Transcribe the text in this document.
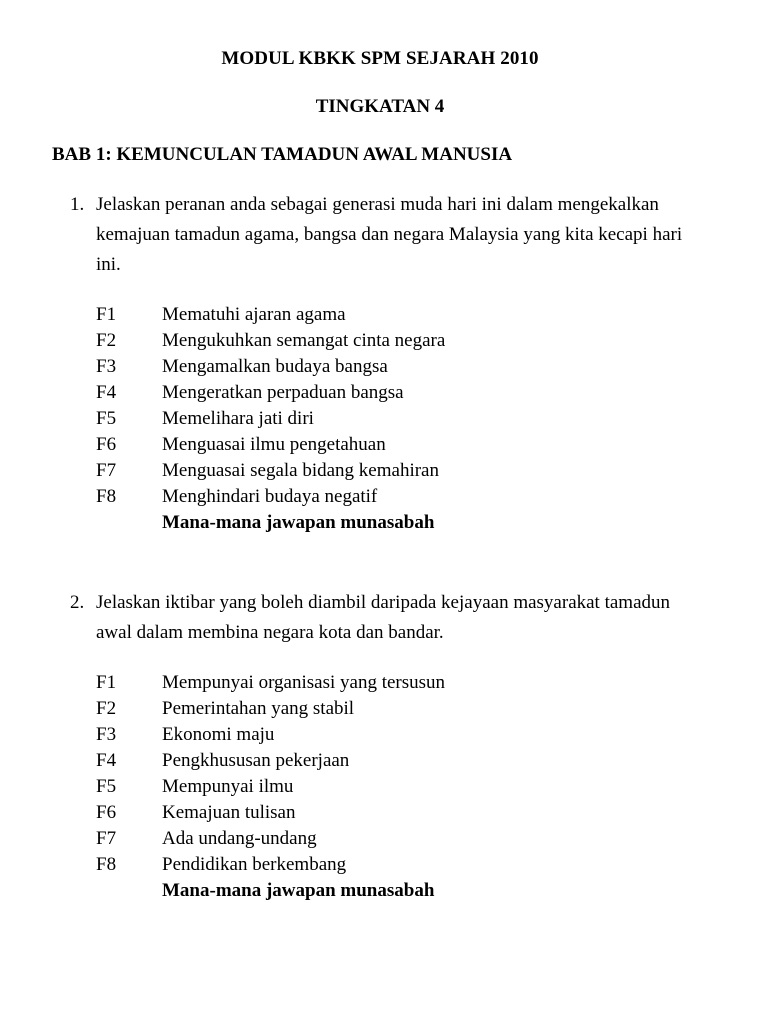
MODUL KBKK SPM SEJARAH 2010
TINGKATAN 4
BAB 1: KEMUNCULAN TAMADUN AWAL MANUSIA
1. Jelaskan peranan anda sebagai generasi muda hari ini dalam mengekalkan kemajuan tamadun agama, bangsa dan negara Malaysia yang kita kecapi hari ini.
F1	Mematuhi ajaran agama
F2	Mengukuhkan semangat cinta negara
F3	Mengamalkan budaya bangsa
F4	Mengeratkan perpaduan bangsa
F5	Memelihara jati diri
F6	Menguasai ilmu pengetahuan
F7	Menguasai segala bidang kemahiran
F8	Menghindari budaya negatif
Mana-mana jawapan munasabah
2. Jelaskan iktibar yang boleh diambil daripada kejayaan masyarakat tamadun awal dalam membina negara kota dan bandar.
F1	Mempunyai organisasi yang tersusun
F2	Pemerintahan yang stabil
F3	Ekonomi maju
F4	Pengkhususan pekerjaan
F5	Mempunyai ilmu
F6	Kemajuan tulisan
F7	Ada undang-undang
F8	Pendidikan berkembang
Mana-mana jawapan munasabah
